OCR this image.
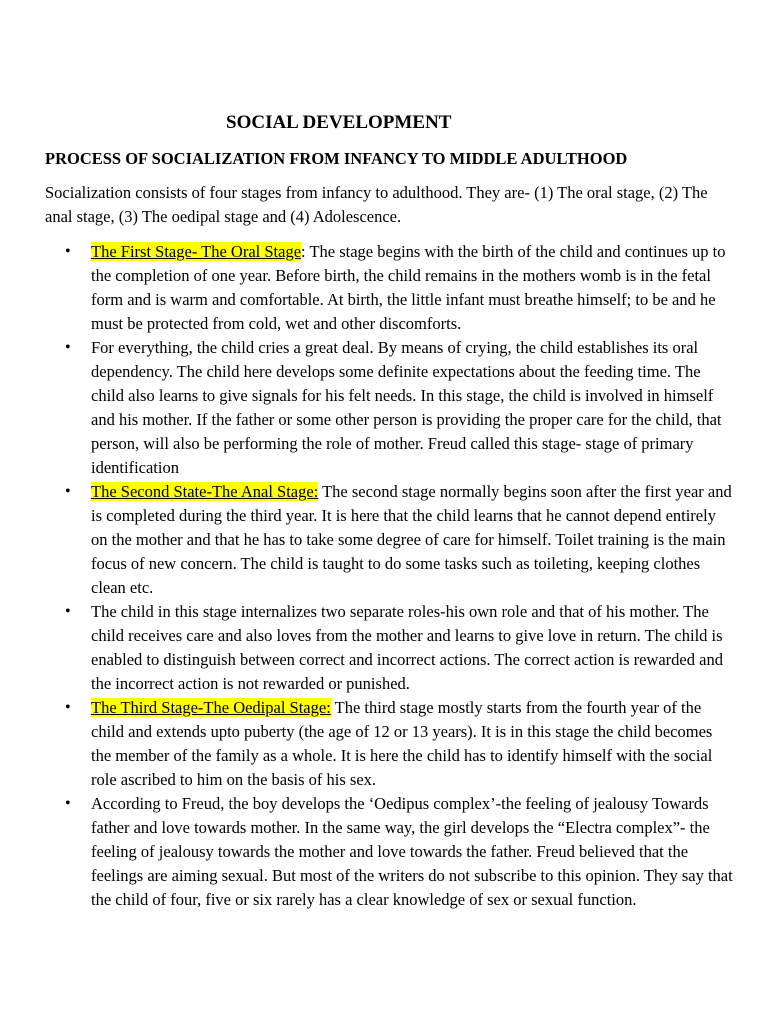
SOCIAL DEVELOPMENT
PROCESS OF SOCIALIZATION FROM INFANCY TO MIDDLE ADULTHOOD
Socialization consists of four stages from infancy to adulthood. They are- (1) The oral stage, (2) The anal stage, (3) The oedipal stage and (4) Adolescence.
• The First Stage- The Oral Stage: The stage begins with the birth of the child and continues up to the completion of one year. Before birth, the child remains in the mothers womb is in the fetal form and is warm and comfortable. At birth, the little infant must breathe himself; to be and he must be protected from cold, wet and other discomforts.
• For everything, the child cries a great deal. By means of crying, the child establishes its oral dependency. The child here develops some definite expectations about the feeding time. The child also learns to give signals for his felt needs. In this stage, the child is involved in himself and his mother. If the father or some other person is providing the proper care for the child, that person, will also be performing the role of mother. Freud called this stage- stage of primary identification
• The Second State-The Anal Stage: The second stage normally begins soon after the first year and is completed during the third year. It is here that the child learns that he cannot depend entirely on the mother and that he has to take some degree of care for himself. Toilet training is the main focus of new concern. The child is taught to do some tasks such as toileting, keeping clothes clean etc.
• The child in this stage internalizes two separate roles-his own role and that of his mother. The child receives care and also loves from the mother and learns to give love in return. The child is enabled to distinguish between correct and incorrect actions. The correct action is rewarded and the incorrect action is not rewarded or punished.
• The Third Stage-The Oedipal Stage: The third stage mostly starts from the fourth year of the child and extends upto puberty (the age of 12 or 13 years). It is in this stage the child becomes the member of the family as a whole. It is here the child has to identify himself with the social role ascribed to him on the basis of his sex.
• According to Freud, the boy develops the ‘Oedipus complex’-the feeling of jealousy Towards father and love towards mother. In the same way, the girl develops the “Electra complex”- the feeling of jealousy towards the mother and love towards the father. Freud believed that the feelings are aiming sexual. But most of the writers do not subscribe to this opinion. They say that the child of four, five or six rarely has a clear knowledge of sex or sexual function.
